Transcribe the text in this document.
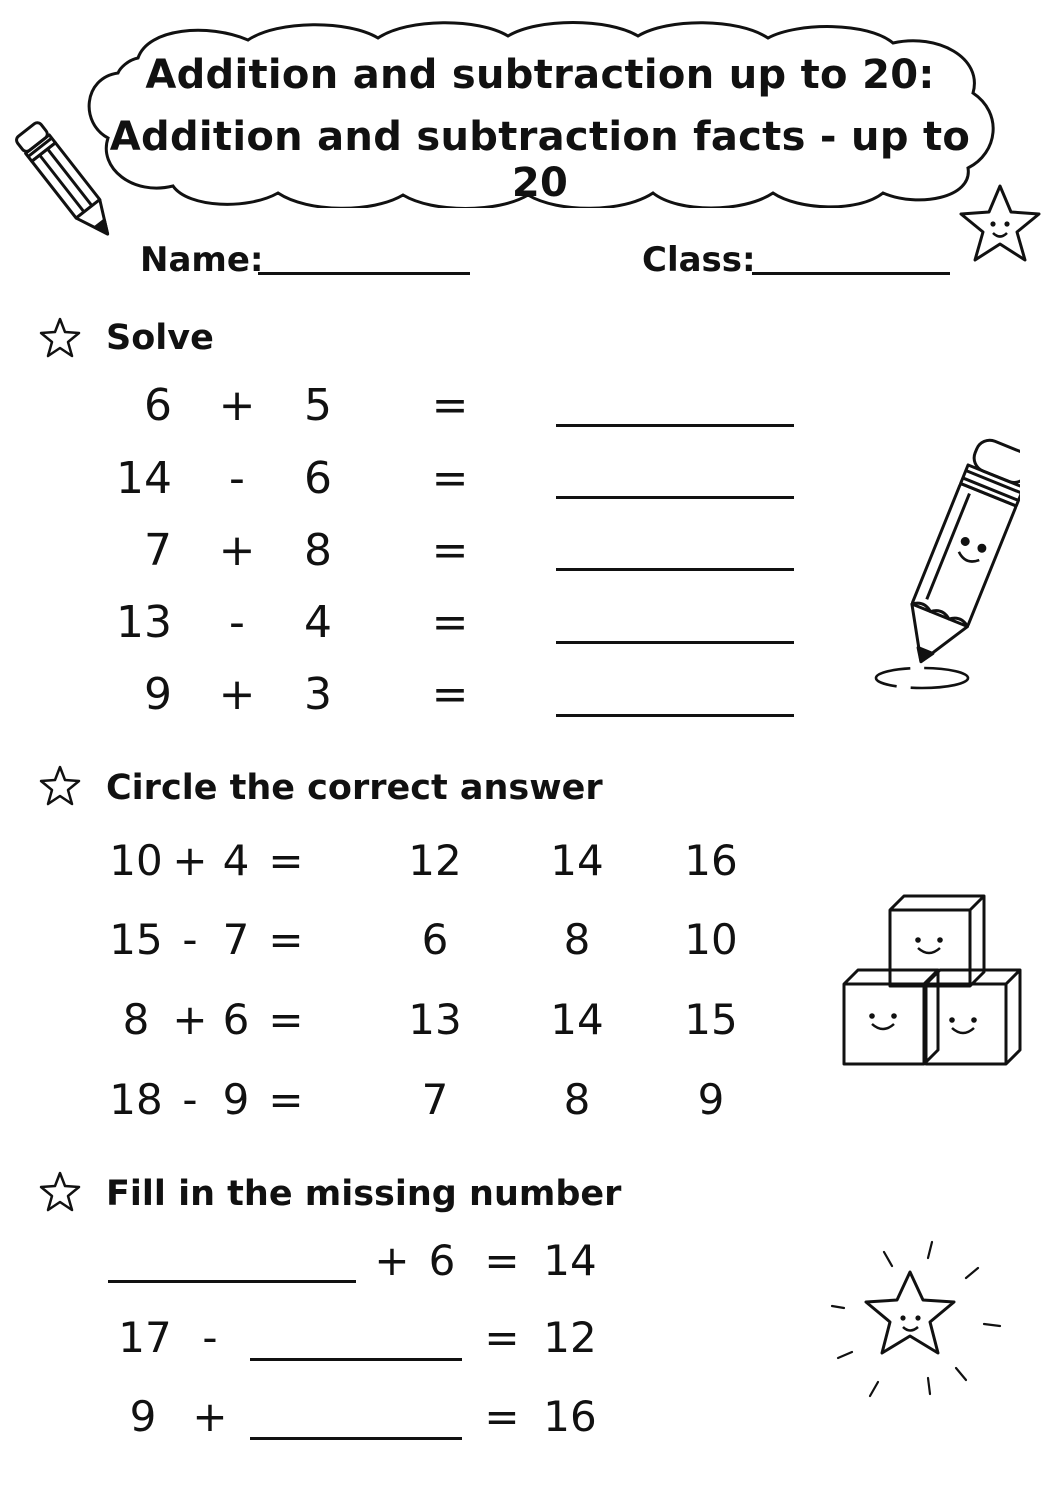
Addition and subtraction up to 20:
Addition and subtraction facts - up to 20
Name:	Class:
Solve
6	+	5	=
14	-	6	=
7	+	8	=
13	-	4	=
9	+	3	=
Circle the correct answer
10 + 4 = 12 14 16
15 - 7 =	6	8	10
8 + 6 = 13 14 15
18 - 9 =	7	8	9
Fill in the missing number
+ 6 = 14
17 -	= 12
9 +	= 16
